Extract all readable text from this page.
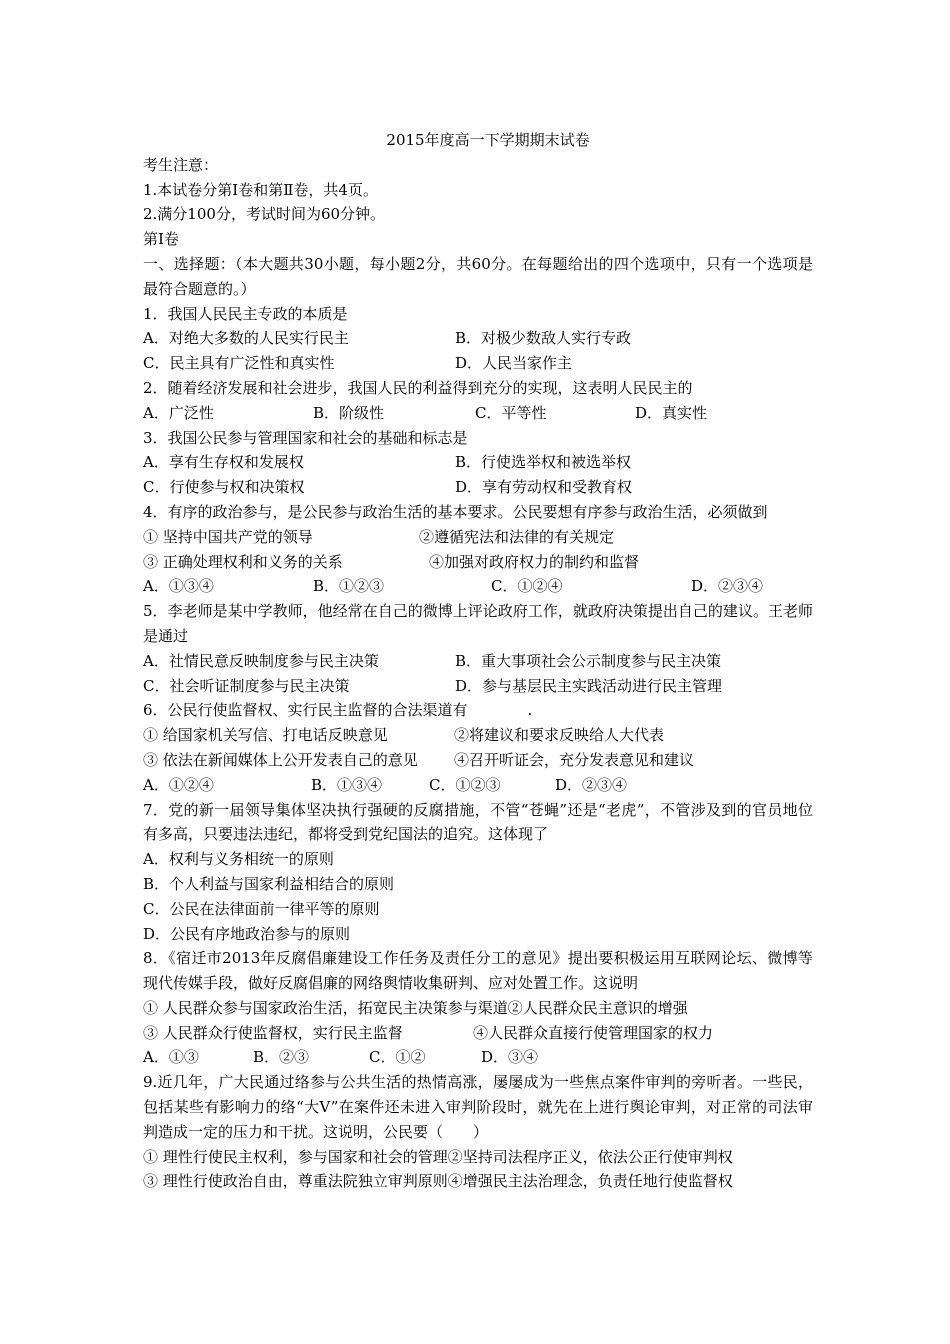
2015年度高一下学期期末试卷
考生注意：
1.本试卷分第Ⅰ卷和第Ⅱ卷，共4页。
2.满分100分，考试时间为60分钟。
第Ⅰ卷
一、选择题：（本大题共30小题，每小题2分，共60分。在每题给出的四个选项中，只有一个选项是最符合题意的。）
1．我国人民民主专政的本质是
A．对绝大多数的人民实行民主	B．对极少数敌人实行专政
C．民主具有广泛性和真实性	D．人民当家作主
2．随着经济发展和社会进步，我国人民的利益得到充分的实现，这表明人民民主的
A．广泛性	B．阶级性	C．平等性	D．真实性
3．我国公民参与管理国家和社会的基础和标志是
A．享有生存权和发展权	B．行使选举权和被选举权
C．行使参与权和决策权	D．享有劳动权和受教育权
4．有序的政治参与，是公民参与政治生活的基本要求。公民要想有序参与政治生活，必须做到
① 坚持中国共产党的领导	②遵循宪法和法律的有关规定
③ 正确处理权利和义务的关系	④加强对政府权力的制约和监督
A．①③④	B．①②③	C．①②④	D．②③④
5．李老师是某中学教师，他经常在自己的微博上评论政府工作，就政府决策提出自己的建议。王老师是通过
A．社情民意反映制度参与民主决策	B．重大事项社会公示制度参与民主决策
C．社会听证制度参与民主决策	D．参与基层民主实践活动进行民主管理
6．公民行使监督权、实行民主监督的合法渠道有　　　　.
① 给国家机关写信、打电话反映意见	②将建议和要求反映给人大代表
③ 依法在新闻媒体上公开发表自己的意见	④召开听证会，充分发表意见和建议
A．①②④	B．①③④	C．①②③	D．②③④
7．党的新一届领导集体坚决执行强硬的反腐措施，不管“苍蝇”还是“老虎”，不管涉及到的官员地位有多高，只要违法违纪，都将受到党纪国法的追究。这体现了
A．权利与义务相统一的原则
B．个人利益与国家利益相结合的原则
C．公民在法律面前一律平等的原则
D．公民有序地政治参与的原则
8．《宿迁市2013年反腐倡廉建设工作任务及责任分工的意见》提出要积极运用互联网论坛、微博等现代传媒手段，做好反腐倡廉的网络舆情收集研判、应对处置工作。这说明
① 人民群众参与国家政治生活，拓宽民主决策参与渠道 ②人民群众民主意识的增强
③ 人民群众行使监督权，实行民主监督	④人民群众直接行使管理国家的权力
A．①③	B．②③	C．①②	D．③④
9.近几年，广大民通过络参与公共生活的热情高涨，屡屡成为一些焦点案件审判的旁听者。一些民，包括某些有影响力的络“大V”在案件还未进入审判阶段时，就先在上进行舆论审判，对正常的司法审判造成一定的压力和干扰。这说明，公民要（　　）
① 理性行使民主权利，参与国家和社会的管理②坚持司法程序正义，依法公正行使审判权
③ 理性行使政治自由，尊重法院独立审判原则④增强民主法治理念，负责任地行使监督权
